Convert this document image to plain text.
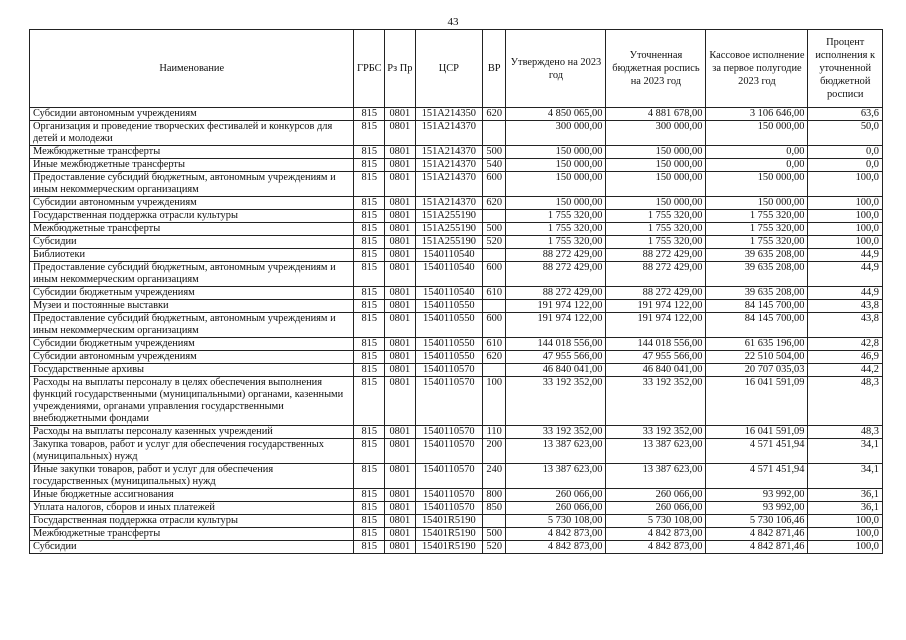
43
Наименование	ГРБС	Рз Пр	ЦСР	ВР	Утверждено на 2023 год	Уточненная бюджетная роспись на 2023 год	Кассовое исполнение за первое полугодие 2023 год	Процент исполнения к уточненной бюджетной росписи
Субсидии автономным учреждениям	815	0801	151A214350	620	4 850 065,00	4 881 678,00	3 106 646,00	63,6
Организация и проведение творческих фестивалей и конкурсов для детей и молодежи	815	0801	151A214370		300 000,00	300 000,00	150 000,00	50,0
Межбюджетные трансферты	815	0801	151A214370	500	150 000,00	150 000,00	0,00	0,0
Иные межбюджетные трансферты	815	0801	151A214370	540	150 000,00	150 000,00	0,00	0,0
Предоставление субсидий бюджетным, автономным учреждениям и иным некоммерческим организациям	815	0801	151A214370	600	150 000,00	150 000,00	150 000,00	100,0
Субсидии автономным учреждениям	815	0801	151A214370	620	150 000,00	150 000,00	150 000,00	100,0
Государственная поддержка отрасли культуры	815	0801	151A255190		1 755 320,00	1 755 320,00	1 755 320,00	100,0
Межбюджетные трансферты	815	0801	151A255190	500	1 755 320,00	1 755 320,00	1 755 320,00	100,0
Субсидии	815	0801	151A255190	520	1 755 320,00	1 755 320,00	1 755 320,00	100,0
Библиотеки	815	0801	1540110540		88 272 429,00	88 272 429,00	39 635 208,00	44,9
Предоставление субсидий бюджетным, автономным учреждениям и иным некоммерческим организациям	815	0801	1540110540	600	88 272 429,00	88 272 429,00	39 635 208,00	44,9
Субсидии бюджетным учреждениям	815	0801	1540110540	610	88 272 429,00	88 272 429,00	39 635 208,00	44,9
Музеи и постоянные выставки	815	0801	1540110550		191 974 122,00	191 974 122,00	84 145 700,00	43,8
Предоставление субсидий бюджетным, автономным учреждениям и иным некоммерческим организациям	815	0801	1540110550	600	191 974 122,00	191 974 122,00	84 145 700,00	43,8
Субсидии бюджетным учреждениям	815	0801	1540110550	610	144 018 556,00	144 018 556,00	61 635 196,00	42,8
Субсидии автономным учреждениям	815	0801	1540110550	620	47 955 566,00	47 955 566,00	22 510 504,00	46,9
Государственные архивы	815	0801	1540110570		46 840 041,00	46 840 041,00	20 707 035,03	44,2
Расходы на выплаты персоналу в целях обеспечения выполнения функций государственными (муниципальными) органами, казенными учреждениями, органами управления государственными внебюджетными фондами	815	0801	1540110570	100	33 192 352,00	33 192 352,00	16 041 591,09	48,3
Расходы на выплаты персоналу казенных учреждений	815	0801	1540110570	110	33 192 352,00	33 192 352,00	16 041 591,09	48,3
Закупка товаров, работ и услуг для обеспечения государственных (муниципальных) нужд	815	0801	1540110570	200	13 387 623,00	13 387 623,00	4 571 451,94	34,1
Иные закупки товаров, работ и услуг для обеспечения государственных (муниципальных) нужд	815	0801	1540110570	240	13 387 623,00	13 387 623,00	4 571 451,94	34,1
Иные бюджетные ассигнования	815	0801	1540110570	800	260 066,00	260 066,00	93 992,00	36,1
Уплата налогов, сборов и иных платежей	815	0801	1540110570	850	260 066,00	260 066,00	93 992,00	36,1
Государственная поддержка отрасли культуры	815	0801	15401R5190		5 730 108,00	5 730 108,00	5 730 106,46	100,0
Межбюджетные трансферты	815	0801	15401R5190	500	4 842 873,00	4 842 873,00	4 842 871,46	100,0
Субсидии	815	0801	15401R5190	520	4 842 873,00	4 842 873,00	4 842 871,46	100,0
